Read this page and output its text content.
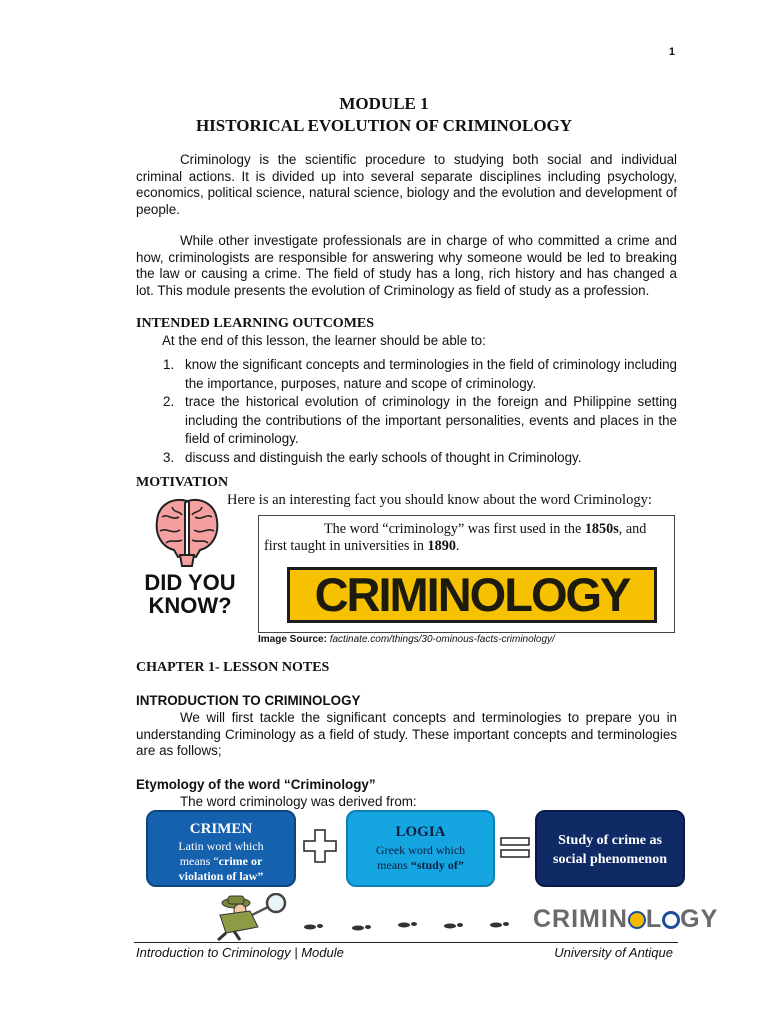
1
MODULE 1
HISTORICAL EVOLUTION OF CRIMINOLOGY
Criminology is the scientific procedure to studying both social and individual criminal actions. It is divided up into several separate disciplines including psychology, economics, political science, natural science, biology and the evolution and development of people.
While other investigate professionals are in charge of who committed a crime and how, criminologists are responsible for answering why someone would be led to breaking the law or causing a crime. The field of study has a long, rich history and has changed a lot. This module presents the evolution of Criminology as field of study as a profession.
INTENDED LEARNING OUTCOMES
At the end of this lesson, the learner should be able to:
1. know the significant concepts and terminologies in the field of criminology including the importance, purposes, nature and scope of criminology.
2. trace the historical evolution of criminology in the foreign and Philippine setting including the contributions of the important personalities, events and places in the field of criminology.
3. discuss and distinguish the early schools of thought in Criminology.
MOTIVATION
Here is an interesting fact you should know about the word Criminology:
DID YOU
KNOW?
The word “criminology” was first used in the 1850s, and first taught in universities in 1890.
CRIMINOLOGY
Image Source: factinate.com/things/30-ominous-facts-criminology/
CHAPTER 1- LESSON NOTES
INTRODUCTION TO CRIMINOLOGY
We will first tackle the significant concepts and terminologies to prepare you in understanding Criminology as a field of study. These important concepts and terminologies are as follows;
Etymology of the word “Criminology”
The word criminology was derived from:
CRIMEN
Latin word which
means “crime or
violation of law”
LOGIA
Greek word which
means “study of”
Study of crime as
social phenomenon
CRIMIN L GY
Introduction to Criminology | Module	University of Antique
